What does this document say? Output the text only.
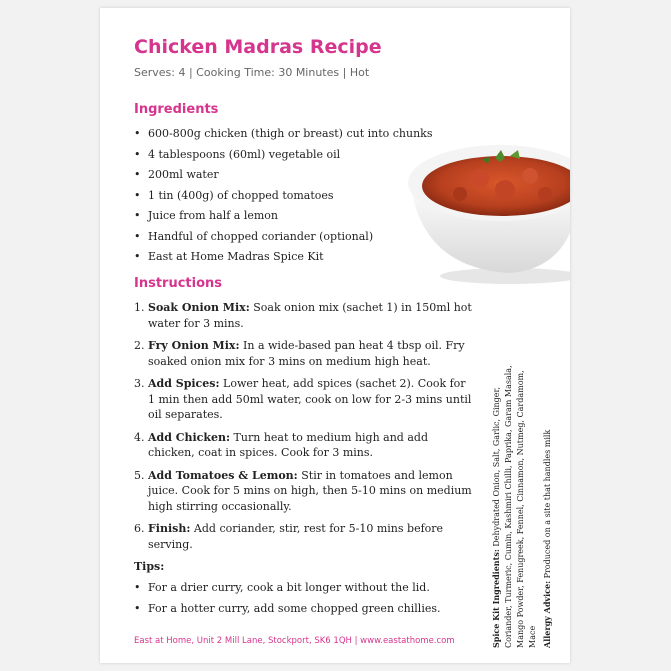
Chicken Madras Recipe
Serves: 4 | Cooking Time: 30 Minutes | Hot
Ingredients
• 600-800g chicken (thigh or breast) cut into chunks
• 4 tablespoons (60ml) vegetable oil
• 200ml water
• 1 tin (400g) of chopped tomatoes
• Juice from half a lemon
• Handful of chopped coriander (optional)
• East at Home Madras Spice Kit
Instructions
1. Soak Onion Mix: Soak onion mix (sachet 1) in 150ml hot water for 3 mins.
2. Fry Onion Mix: In a wide-based pan heat 4 tbsp oil. Fry soaked onion mix for 3 mins on medium high heat.
3. Add Spices: Lower heat, add spices (sachet 2). Cook for 1 min then add 50ml water, cook on low for 2-3 mins until oil separates.
4. Add Chicken: Turn heat to medium high and add chicken, coat in spices. Cook for 3 mins.
5. Add Tomatoes & Lemon: Stir in tomatoes and lemon juice. Cook for 5 mins on high, then 5-10 mins on medium high stirring occasionally.
6. Finish: Add coriander, stir, rest for 5-10 mins before serving.
Tips:
• For a drier curry, cook a bit longer without the lid.
• For a hotter curry, add some chopped green chillies.
East at Home, Unit 2 Mill Lane, Stockport, SK6 1QH | www.eastathome.com	Spice Kit Ingredients: Dehydrated Onion, Salt, Garlic, Ginger, Coriander, Turmeric, Cumin, Kashmiri Chilli, Paprika, Garam Masala, Mango Powder, Fenugreek, Fennel, Cinnamon, Nutmeg, Cardamom, Mace Allergy Advice: Produced on a site that handles milk
